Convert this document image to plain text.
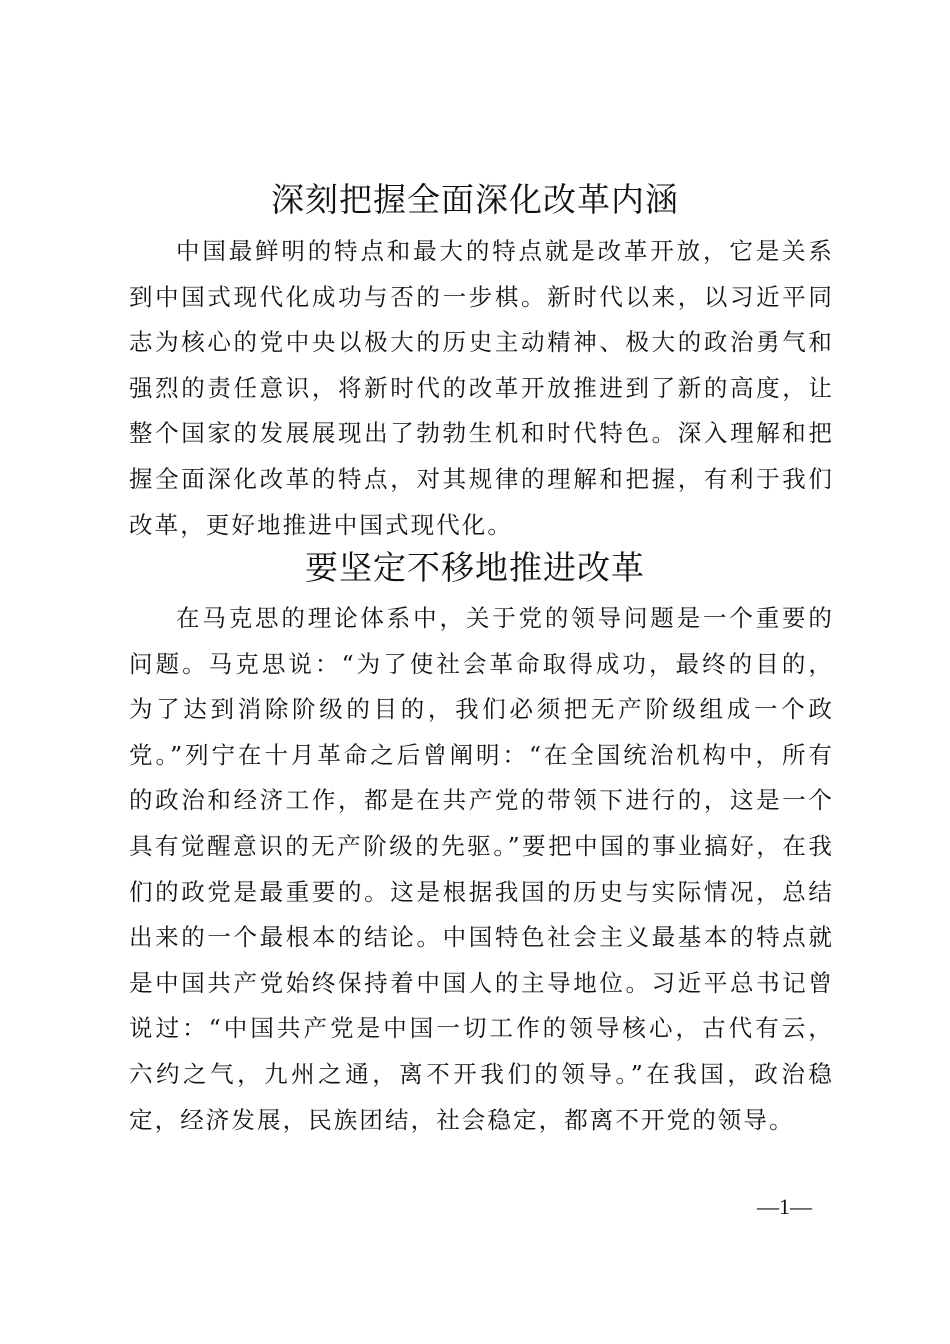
深刻把握全面深化改革内涵

中国最鲜明的特点和最大的特点就是改革开放，它是关系到中国式现代化成功与否的一步棋。新时代以来，以习近平同志为核心的党中央以极大的历史主动精神、极大的政治勇气和强烈的责任意识，将新时代的改革开放推进到了新的高度，让整个国家的发展展现出了勃勃生机和时代特色。深入理解和把握全面深化改革的特点，对其规律的理解和把握，有利于我们改革，更好地推进中国式现代化。

要坚定不移地推进改革

在马克思的理论体系中，关于党的领导问题是一个重要的问题。马克思说：“为了使社会革命取得成功，最终的目的，为了达到消除阶级的目的，我们必须把无产阶级组成一个政党。”列宁在十月革命之后曾阐明：“在全国统治机构中，所有的政治和经济工作，都是在共产党的带领下进行的，这是一个具有觉醒意识的无产阶级的先驱。”要把中国的事业搞好，在我们的政党是最重要的。这是根据我国的历史与实际情况，总结出来的一个最根本的结论。中国特色社会主义最基本的特点就是中国共产党始终保持着中国人的主导地位。习近平总书记曾说过：“中国共产党是中国一切工作的领导核心，古代有云，六约之气，九州之通，离不开我们的领导。”在我国，政治稳定，经济发展，民族团结，社会稳定，都离不开党的领导。

—1—
